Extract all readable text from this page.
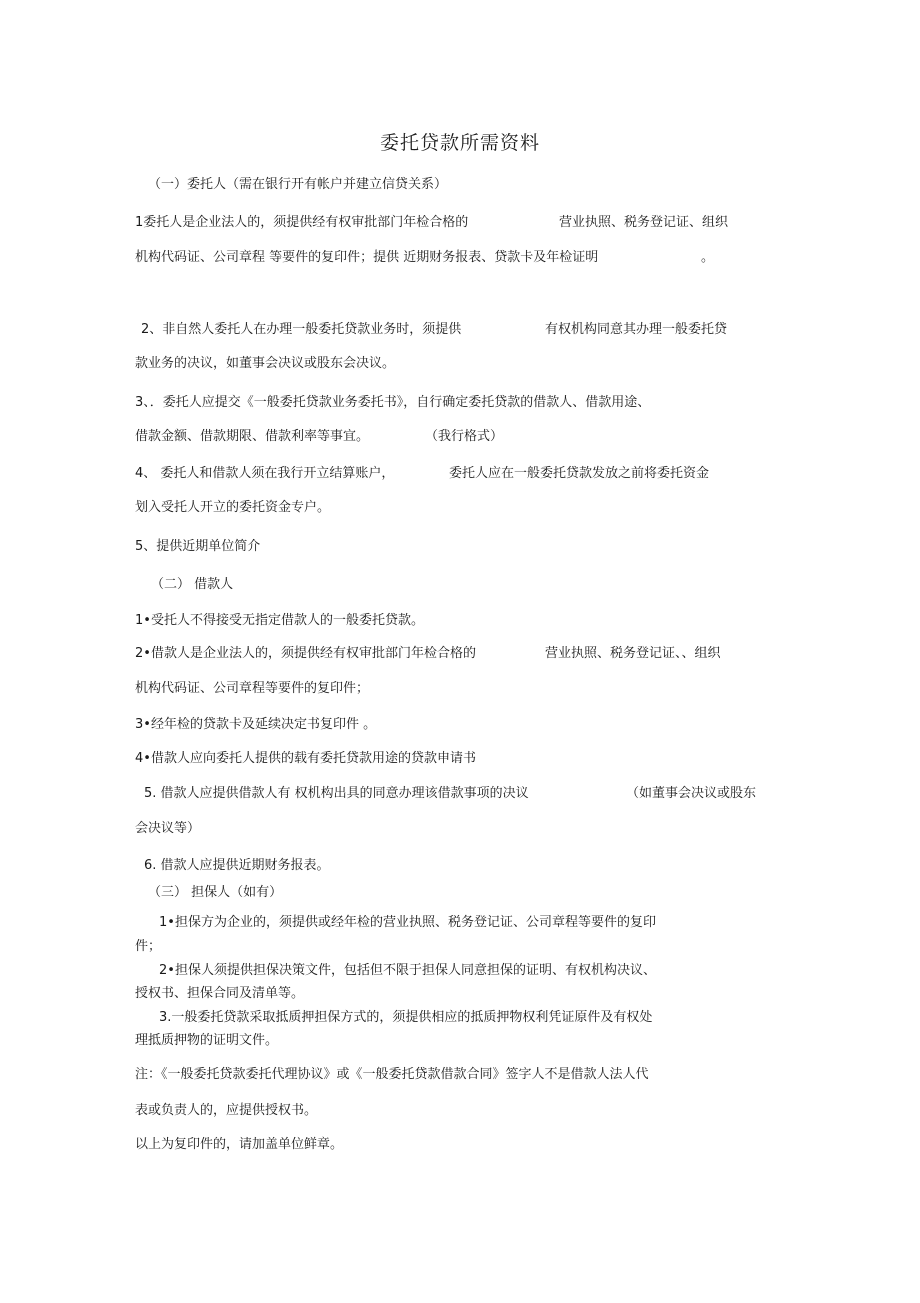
委托贷款所需资料
（一）委托人（需在银行开有帐户并建立信贷关系）
1委托人是企业法人的，须提供经有权审批部门年检合格的	营业执照、税务登记证、组织
机构代码证、公司章程 等要件的复印件；提供 近期财务报表、贷款卡及年检证明	。
2、非自然人委托人在办理一般委托贷款业务时，须提供	有权机构同意其办理一般委托贷
款业务的决议，如董事会决议或股东会决议。
3、．委托人应提交《一般委托贷款业务委托书》，自行确定委托贷款的借款人、借款用途、
借款金额、借款期限、借款利率等事宜。	（我行格式）
4、 委托人和借款人须在我行开立结算账户，	委托人应在一般委托贷款发放之前将委托资金
划入受托人开立的委托资金专户。
5、提供近期单位简介
（二） 借款人
1•受托人不得接受无指定借款人的一般委托贷款。
2•借款人是企业法人的，须提供经有权审批部门年检合格的	营业执照、税务登记证、、组织
机构代码证、公司章程等要件的复印件；
3•经年检的贷款卡及延续决定书复印件 。
4•借款人应向委托人提供的载有委托贷款用途的贷款申请书
5. 借款人应提供借款人有 权机构出具的同意办理该借款事项的决议	（如董事会决议或股东
会决议等）
6. 借款人应提供近期财务报表。
（三） 担保人（如有）
1•担保方为企业的，须提供或经年检的营业执照、税务登记证、公司章程等要件的复印
件；
2•担保人须提供担保决策文件，包括但不限于担保人同意担保的证明、有权机构决议、
授权书、担保合同及清单等。
3.一般委托贷款采取抵质押担保方式的，须提供相应的抵质押物权利凭证原件及有权处
理抵质押物的证明文件。
注：《一般委托贷款委托代理协议》或《一般委托贷款借款合同》签字人不是借款人法人代
表或负责人的，应提供授权书。
以上为复印件的，请加盖单位鲜章。
